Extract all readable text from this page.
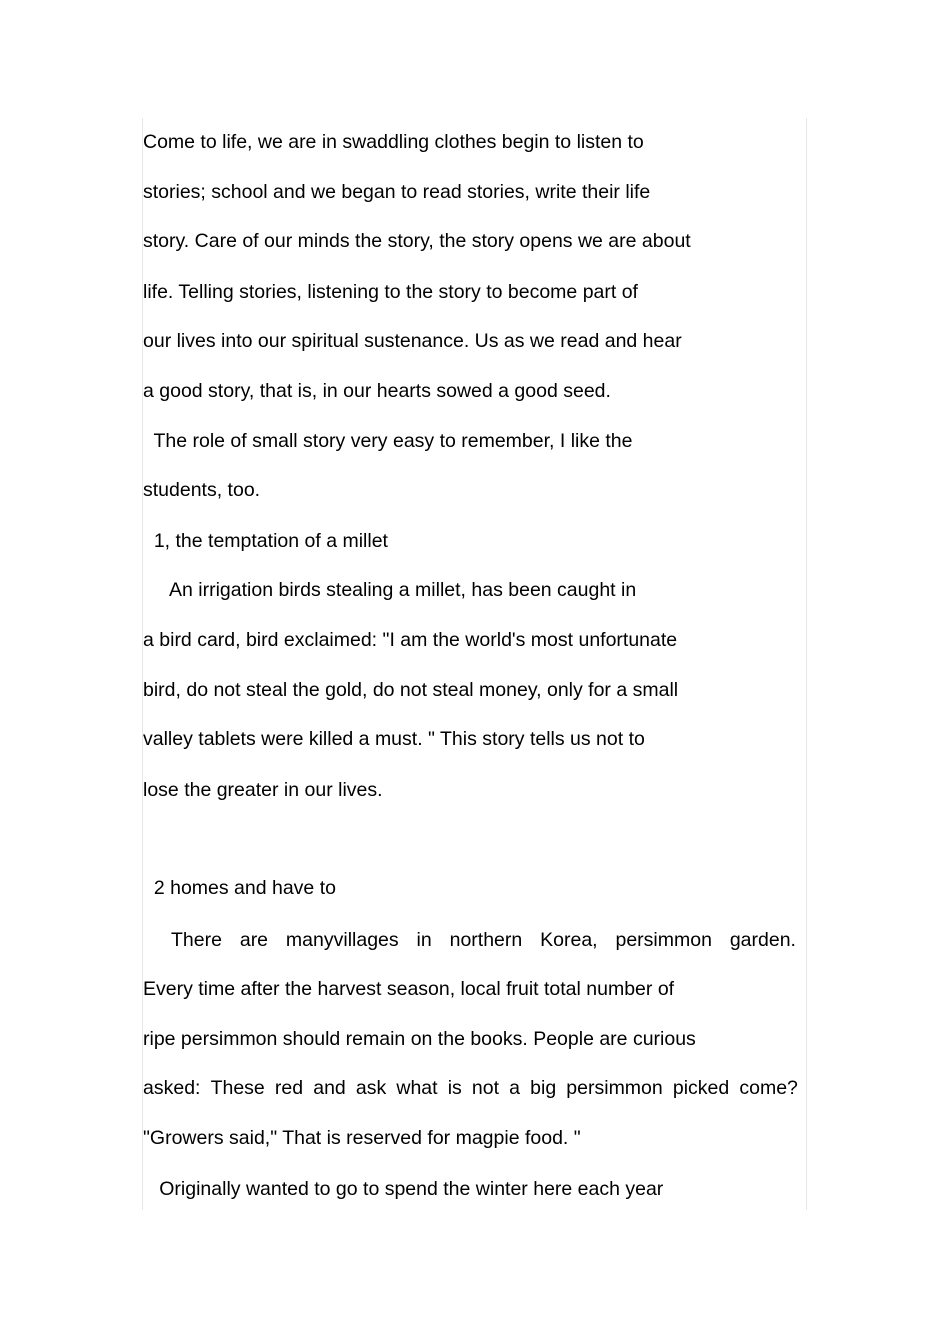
Come to life, we are in swaddling clothes begin to listen to

stories; school and we began to read stories, write their life

story. Care of our minds the story, the story opens we are about

life. Telling stories, listening to the story to become part of

our lives into our spiritual sustenance. Us as we read and hear

a good story, that is, in our hearts sowed a good seed.

The role of small story very easy to remember, I like the

students, too.

1, the temptation of a millet

An irrigation birds stealing a millet, has been caught in

a bird card, bird exclaimed: "I am the world's most unfortunate

bird, do not steal the gold, do not steal money, only for a small

valley tablets were killed a must. " This story tells us not to

lose the greater in our lives.

2 homes and have to

There are manyvillages in northern Korea, persimmon garden.

Every time after the harvest season, local fruit total number of

ripe persimmon should remain on the books. People are curious

asked: These red and ask what is not a big persimmon picked come?

"Growers said," That is reserved for magpie food. "

Originally wanted to go to spend the winter here each year
